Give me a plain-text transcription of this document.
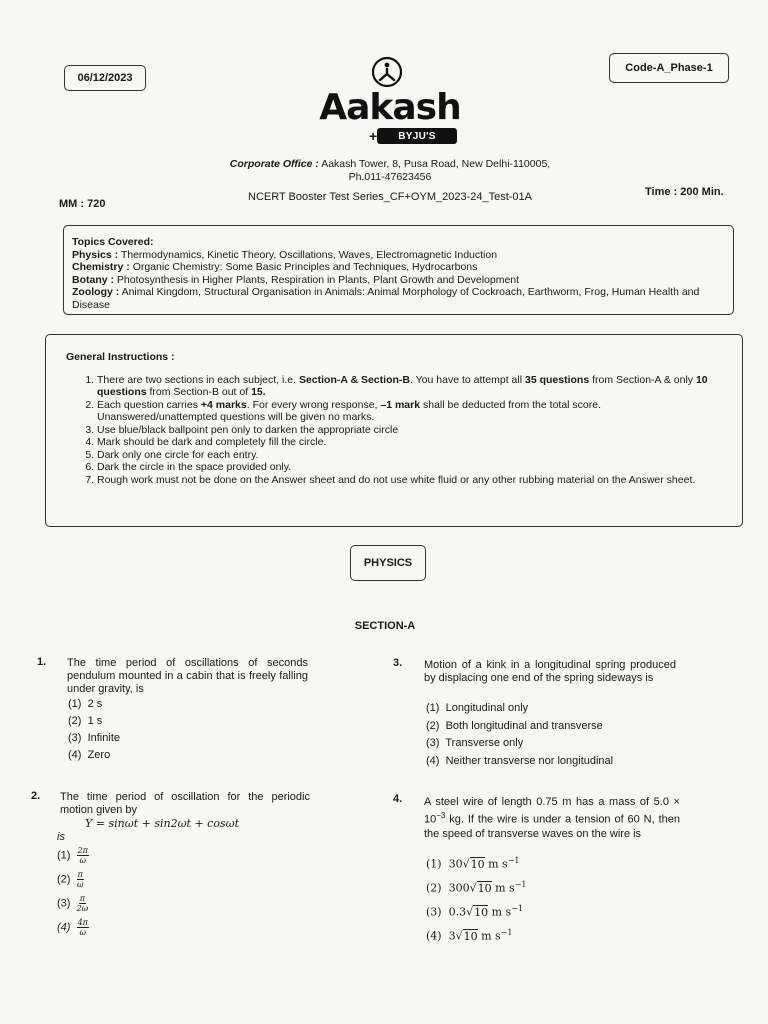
06/12/2023
Code-A_Phase-1
Aakash
+	BYJU'S
Corporate Office : Aakash Tower, 8, Pusa Road, New Delhi-110005,
Ph.011-47623456
MM : 720
NCERT Booster Test Series_CF+OYM_2023-24_Test-01A	Time : 200 Min.
Topics Covered:
Physics : Thermodynamics, Kinetic Theory, Oscillations, Waves, Electromagnetic Induction
Chemistry : Organic Chemistry: Some Basic Principles and Techniques, Hydrocarbons
Botany : Photosynthesis in Higher Plants, Respiration in Plants, Plant Growth and Development
Zoology : Animal Kingdom, Structural Organisation in Animals: Animal Morphology of Cockroach, Earthworm, Frog, Human Health and Disease
General Instructions :
1. There are two sections in each subject, i.e. Section-A & Section-B. You have to attempt all 35 questions from Section-A & only 10 questions from Section-B out of 15.
2. Each question carries +4 marks. For every wrong response, –1 mark shall be deducted from the total score. Unanswered/unattempted questions will be given no marks.
3. Use blue/black ballpoint pen only to darken the appropriate circle
4. Mark should be dark and completely fill the circle.
5. Dark only one circle for each entry.
6. Dark the circle in the space provided only.
7. Rough work must not be done on the Answer sheet and do not use white fluid or any other rubbing material on the Answer sheet.
PHYSICS
SECTION-A
1. The time period of oscillations of seconds pendulum mounted in a cabin that is freely falling under gravity, is
(1) 2 s
(2) 1 s
(3) Infinite
(4) Zero
2. The time period of oscillation for the periodic motion given by
Y = sinωt + sin2ωt + cosωt
is
$(1) \frac{2\pi}{\omega}$
$(2) \frac{\pi}{\omega}$
$(3) \frac{\pi}{2\omega}$
$(4) \frac{4\pi}{\omega}$
3. Motion of a kink in a longitudinal spring produced by displacing one end of the spring sideways is
(1) Longitudinal only
(2) Both longitudinal and transverse
(3) Transverse only
(4) Neither transverse nor longitudinal
4. A steel wire of length 0.75 m has a mass of $5.0 \times 10^{-3}$ kg. If the wire is under a tension of 60 N, then the speed of transverse waves on the wire is
(1) 30√10 m $s^{-1}$
(2) 300√10 m $s^{-1}$
(3) 0.3√10 m $s^{-1}$
(4) 3√10 m $s^{-1}$
